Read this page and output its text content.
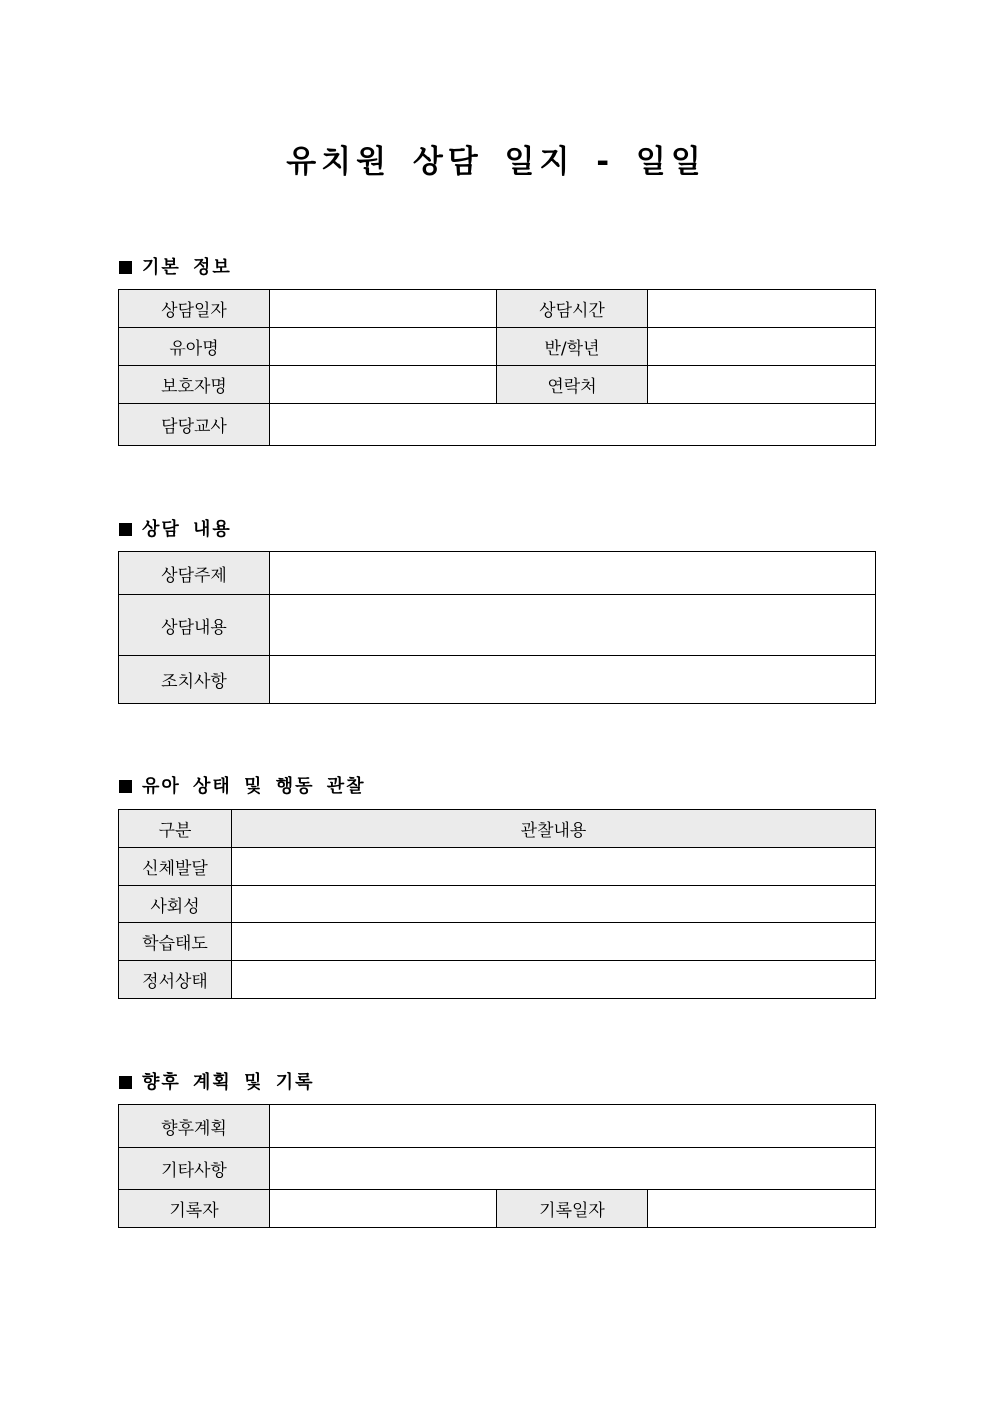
유치원 상담 일지 - 일일
기본 정보
상담일자		상담시간	
유아명		반/학년	
보호자명		연락처	
담당교사			
상담 내용
상담주제	
상담내용	
조치사항	
유아 상태 및 행동 관찰
구분	관찰내용
신체발달	
사회성	
학습태도	
정서상태	
향후 계획 및 기록
향후계획			
기타사항			
기록자		기록일자	
